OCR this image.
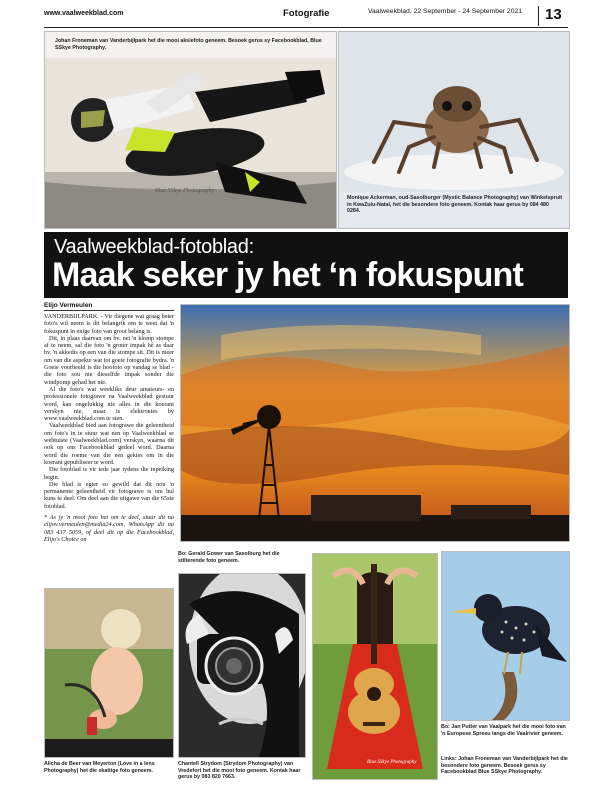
www.vaalweekblad.com	Fotografie	Vaalweekblad, 22 September - 24 September 2021 13
Johan Froneman van Vanderbijlpark het die mooi aksiefoto geneem. Besoek gerus sy Facebookblad, Blue SSkye Photography.
Blue SSkye Photography
Monique Ackerman, oud-Sasolburger (Mystic Balance Photography) van Winkelspruit in KwaZulu-Natal, het die besondere foto geneem. Kontak haar gerus by 084 480 0284.
Vaalweekblad-fotoblad:
Maak seker jy het ‘n fokuspunt
Elijo Vermeulen

VANDERBIJLPARK. - Vir diegene wat graag beter foto's wil neem is dit belangrik om te weet dat 'n fokuspunt in enige foto van groot belang is.

Dit, in plaas daarvan om bv. net 'n klomp stompe af te neem, sal die foto 'n groter impak hê as daar bv. 'n akkedis op een van die stompe sit. Dit is meer om van die aspekte wat tot goeie fotografie bydra. 'n Goeie voorbeeld is die hoofoto op vandag se blad - die foto sou nie dieselfde impak sonder die windpomp gehad het nie.

Al die foto's wat weekliks deur amateurs- en professionele fotograwe na Vaalweekblad gestuur word, kan ongelukkig nie alles in die koerant verskyn nie, maar is elektronies by www.vaalweekblad.com te sien.

Vaalweekblad bied aan fotograwe die geleentheid om foto's in te stuur wat een op Vaalweekblad se webtuiste (Vaalweekblad.com) verskyn, waarna dit ook op ons Facebookblad gedeel word. Daarna word die roeme van die een gekies om in die koerant gepubliseer te word.

Die fotoblad is vir iede jaar tydens die inpeiking begin.

Die blad is egter so gewild dat dit nou 'n permanente geleentheid vir fotograwe is om hul kuns te deel. Om deel aan die uitgawe van die 65ste fotoblad.

* As jy 'n mooi foto het om te deel, stuur dit na elijov.vermeulen@media24.com, WhatsApp dit na 083 437 5059, of deel dit op die Facebookblad, Elijo's Choice on
Alicha de Beer van Meyerton (Love in a lens Photography) het die skattige foto geneem.
Bo: Gerald Gower van Sasolburg het die stilterende foto geneem.
Chantell Strydom (Strydom Photography) van Vredefort het die mooi foto geneem. Kontak haar gerus by 083 820 7663.
Blue SSkye Photography
Bo: Jan Putter van Vaalpark het die mooi foto van 'n Europese Spreeu langs die Vaalrivier geneem.
Links: Johan Froneman van Vanderbijlpark het die besondere foto geneem. Besoek gerus sy Facebookblad Blue SSkye Photography.
